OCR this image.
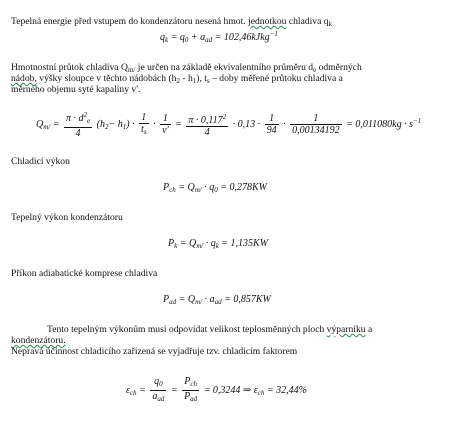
Tepelná energie před vstupem do kondenzátoru nesená hmot. jednotkou chladiva $q_k$
$q_k = q_0 + a_{ad}$ = 102,46kJkg$^{-1}$
Hmotnostní průtok chladiva $Q_{m/}$ je určen na základě ekvivalentního průměru $d_e$ odměrných
nádob, výšky sloupce v těchto nádobách $(h_2 - h_1)$, $t_s$ – doby měřené průtoku chladiva a
měrného objemu syté kapaliny v'.
$Q_{m/} = \frac{\pi \cdot d^2_e}{4} (h_2- h_1) \cdot \frac{1}{t_s} \cdot \frac{1}{v'} = \frac{\pi \cdot 0,117^2}{4} \cdot 0,13 \cdot \frac{1}{94} \cdot \frac{1}{0,00134192} = 0,011080kg \cdot s^{-1}$
Chladicí výkon
$P_{ch} = Q_{m/} \cdot q_0 = 0,278KW$
Tepelný výkon kondenzátoru
$P_k = Q_{m/} \cdot q_k = 1,135KW$
Příkon adiabatické komprese chladiva
$P_{ad} = Q_{m/} \cdot a_{ad} = 0,857KW$
Tento tepelným výkonům musí odpovídat velikost teplosměnných ploch výparníku a
kondenzátoru.
Nepravá účinnost chladicího zařízená se vyjadřuje tzv. chladicím faktorem
$\varepsilon_{ch} = \frac{q_0}{a_{ad}} = \frac{P_{ch}}{P_{ad}} = 0,3244$ ⇒ $\varepsilon_{ch} = 32,44\%$
